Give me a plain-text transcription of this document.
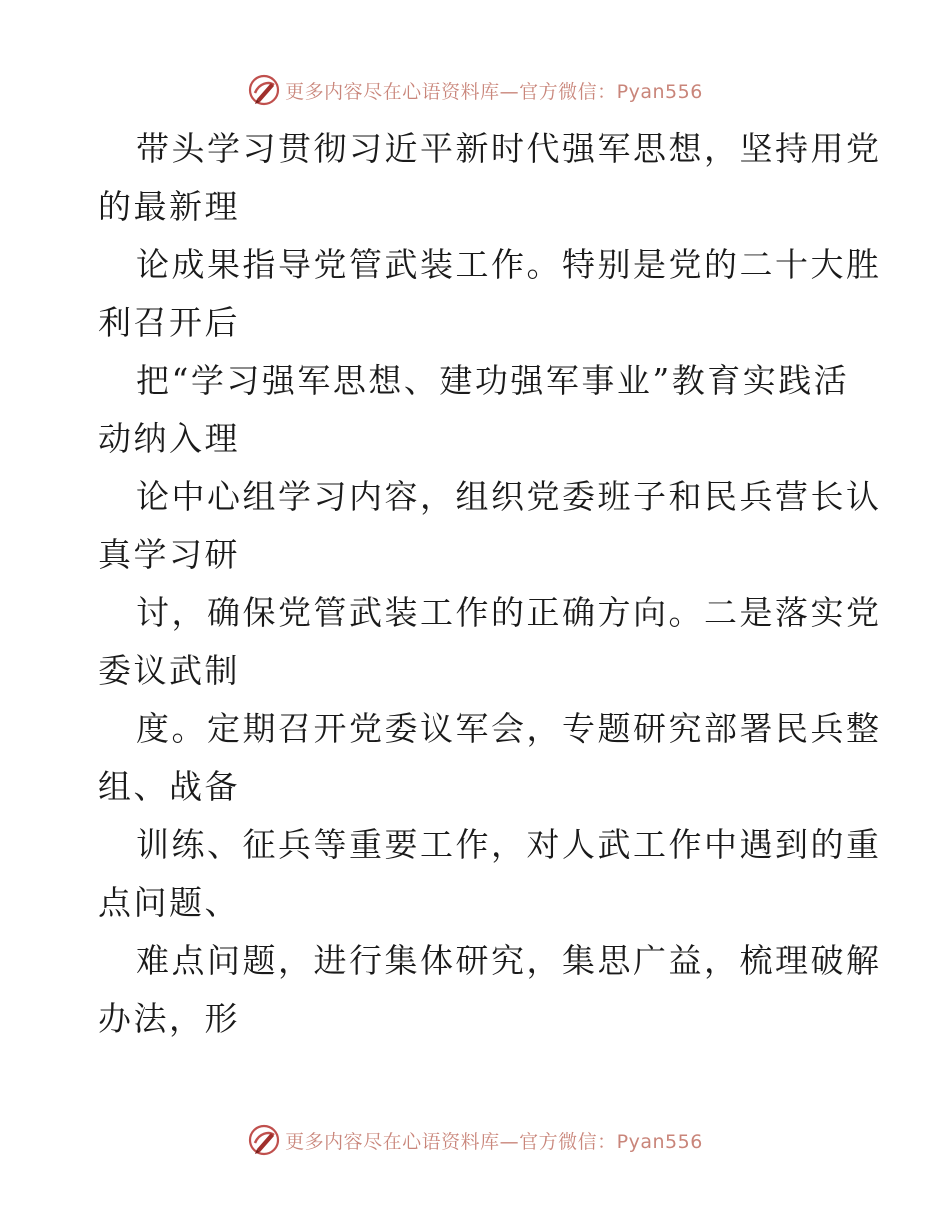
更多内容尽在心语资料库—官方微信：Pyan556
带头学习贯彻习近平新时代强军思想，坚持用党
的最新理
论成果指导党管武装工作。特别是党的二十大胜
利召开后
把“学习强军思想、建功强军事业”教育实践活
动纳入理
论中心组学习内容，组织党委班子和民兵营长认
真学习研
讨，确保党管武装工作的正确方向。二是落实党
委议武制
度。定期召开党委议军会，专题研究部署民兵整
组、战备
训练、征兵等重要工作，对人武工作中遇到的重
点问题、
难点问题，进行集体研究，集思广益，梳理破解
办法，形
更多内容尽在心语资料库—官方微信：Pyan556
